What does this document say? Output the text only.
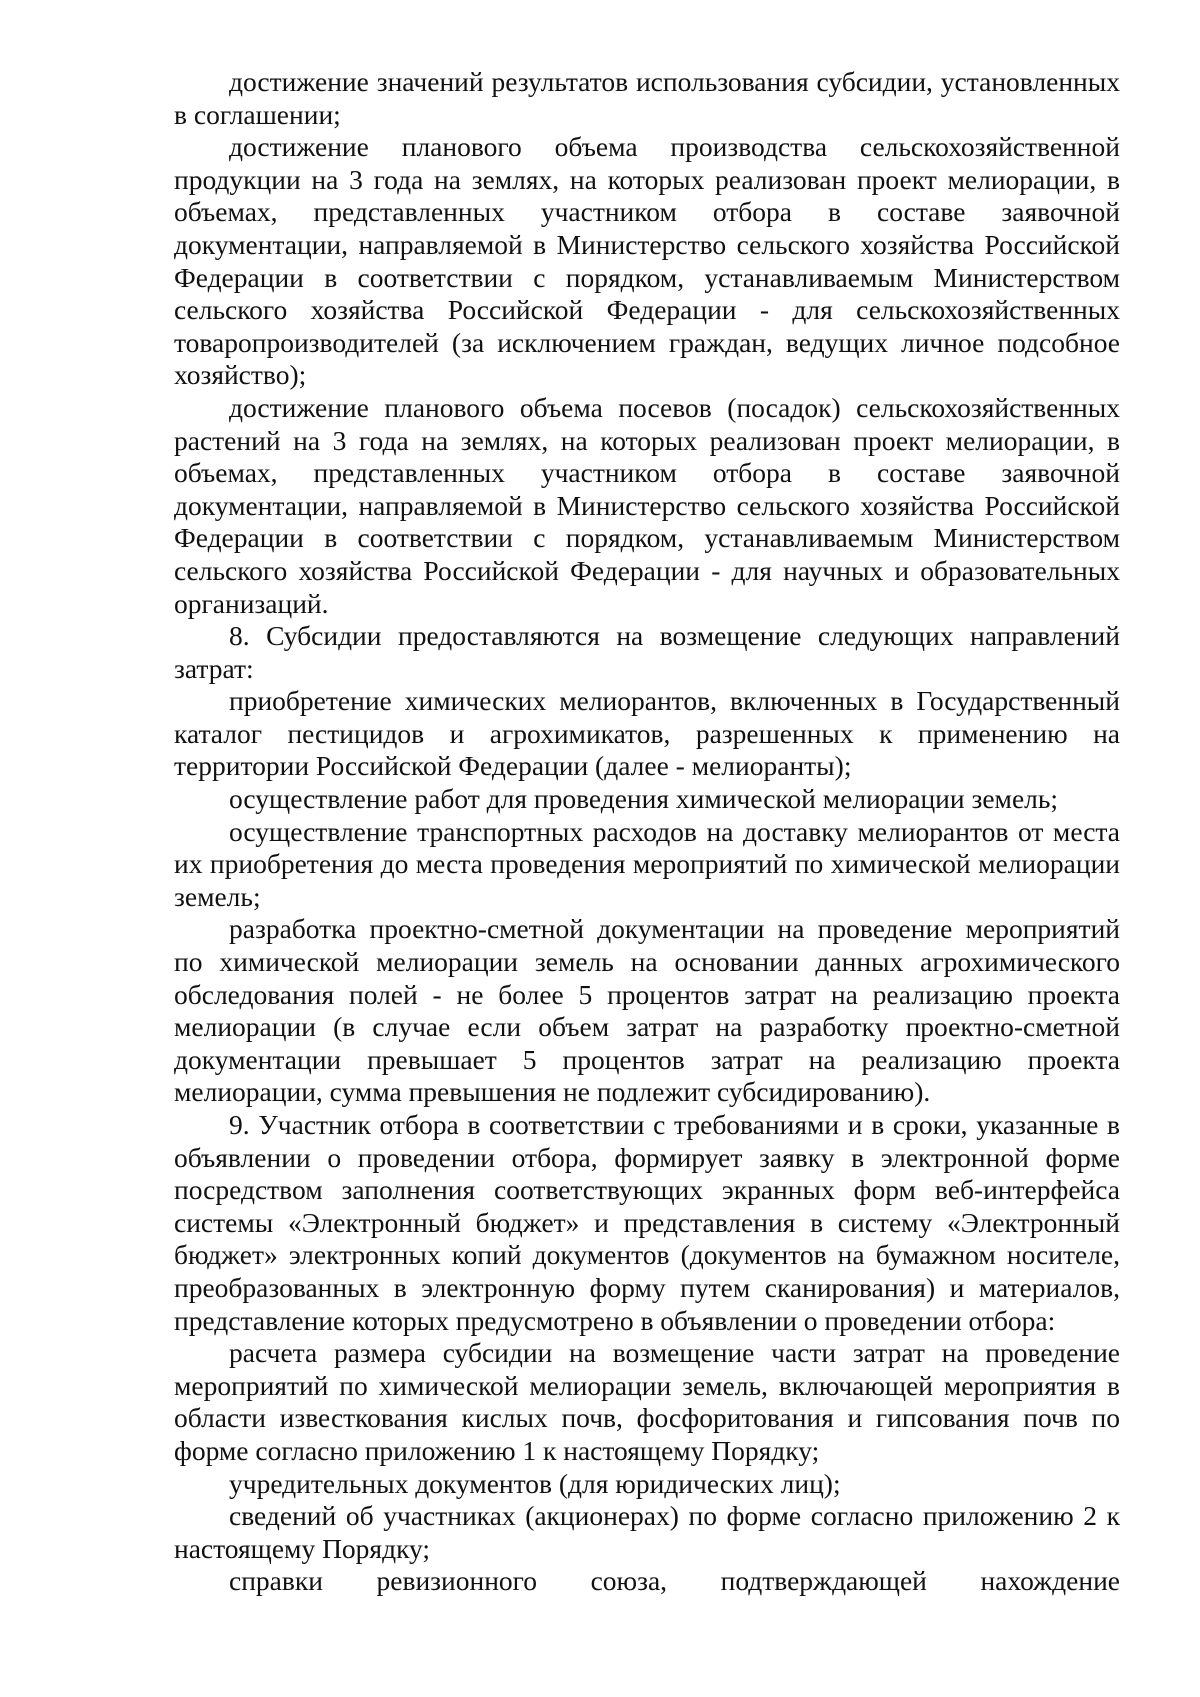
достижение значений результатов использования субсидии, установленных в соглашении;

достижение планового объема производства сельскохозяйственной продукции на 3 года на землях, на которых реализован проект мелиорации, в объемах, представленных участником отбора в составе заявочной документации, направляемой в Министерство сельского хозяйства Российской Федерации в соответствии с порядком, устанавливаемым Министерством сельского хозяйства Российской Федерации - для сельскохозяйственных товаропроизводителей (за исключением граждан, ведущих личное подсобное хозяйство);

достижение планового объема посевов (посадок) сельскохозяйственных растений на 3 года на землях, на которых реализован проект мелиорации, в объемах, представленных участником отбора в составе заявочной документации, направляемой в Министерство сельского хозяйства Российской Федерации в соответствии с порядком, устанавливаемым Министерством сельского хозяйства Российской Федерации - для научных и образовательных организаций.

8. Субсидии предоставляются на возмещение следующих направлений затрат:

приобретение химических мелиорантов, включенных в Государственный каталог пестицидов и агрохимикатов, разрешенных к применению на территории Российской Федерации (далее - мелиоранты);

осуществление работ для проведения химической мелиорации земель;

осуществление транспортных расходов на доставку мелиорантов от места их приобретения до места проведения мероприятий по химической мелиорации земель;

разработка проектно-сметной документации на проведение мероприятий по химической мелиорации земель на основании данных агрохимического обследования полей - не более 5 процентов затрат на реализацию проекта мелиорации (в случае если объем затрат на разработку проектно-сметной документации превышает 5 процентов затрат на реализацию проекта мелиорации, сумма превышения не подлежит субсидированию).

9. Участник отбора в соответствии с требованиями и в сроки, указанные в объявлении о проведении отбора, формирует заявку в электронной форме посредством заполнения соответствующих экранных форм веб-интерфейса системы «Электронный бюджет» и представления в систему «Электронный бюджет» электронных копий документов (документов на бумажном носителе, преобразованных в электронную форму путем сканирования) и материалов, представление которых предусмотрено в объявлении о проведении отбора:

расчета размера субсидии на возмещение части затрат на проведение мероприятий по химической мелиорации земель, включающей мероприятия в области известкования кислых почв, фосфоритования и гипсования почв по форме согласно приложению 1 к настоящему Порядку;

учредительных документов (для юридических лиц);

сведений об участниках (акционерах) по форме согласно приложению 2 к настоящему Порядку;

справки ревизионного союза, подтверждающей нахождение
